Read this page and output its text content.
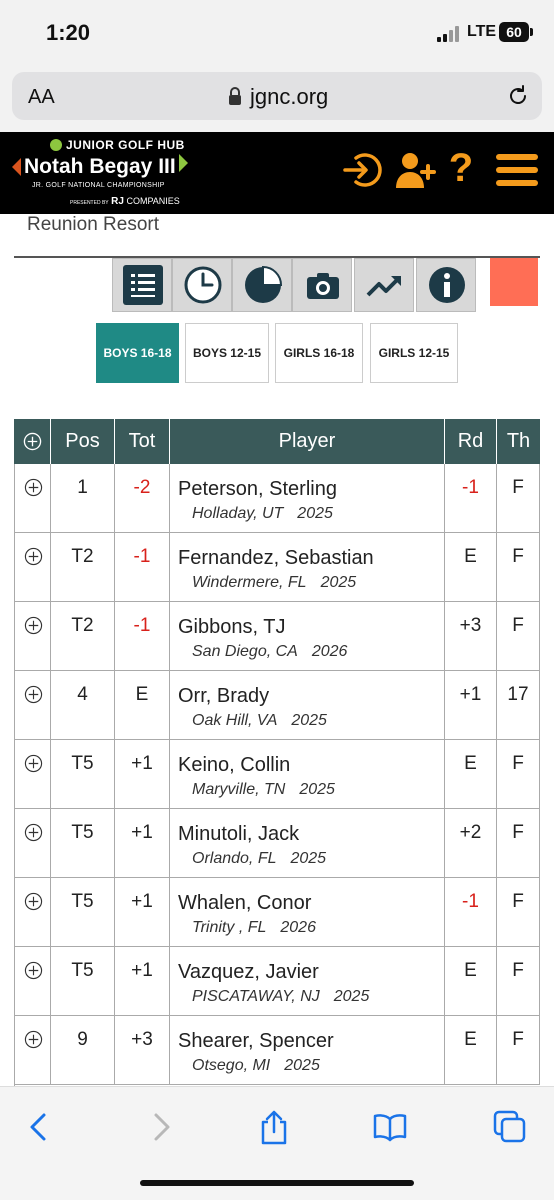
1:20	LTE 60
AA	jgnc.org
JUNIOR GOLF HUB
Notah Begay III
JR. GOLF NATIONAL CHAMPIONSHIP
PRESENTED BY RJ COMPANIES
?
Reunion Resort
BOYS 16-18	BOYS 12-15	GIRLS 16-18	GIRLS 12-15
Pos	Tot	Player	Rd	Th
1	-2	Peterson, Sterling
Holladay, UT 2025
-1	F
T2	-1	Fernandez, Sebastian
Windermere, FL 2025
E	F
T2	-1	Gibbons, TJ
San Diego, CA 2026
+3	F
4	E	Orr, Brady
Oak Hill, VA 2025
+1	17
T5	+1	Keino, Collin
Maryville, TN 2025
E	F
T5	+1	Minutoli, Jack
Orlando, FL 2025
+2	F
T5	+1	Whalen, Conor
Trinity , FL 2026
-1	F
T5	+1	Vazquez, Javier
PISCATAWAY, NJ 2025
E	F
9	+3	Shearer, Spencer
Otsego, MI 2025
E	F
